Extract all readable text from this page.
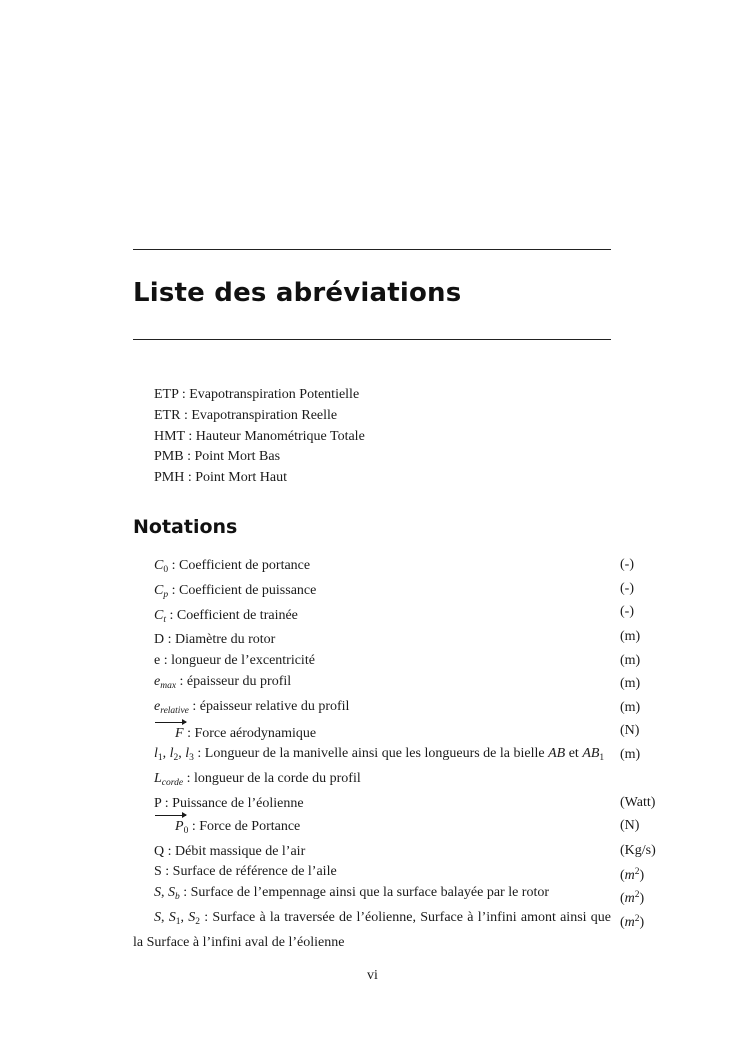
Liste des abréviations
ETP : Evapotranspiration Potentielle
ETR : Evapotranspiration Reelle
HMT : Hauteur Manométrique Totale
PMB : Point Mort Bas
PMH : Point Mort Haut
Notations
$C_0$ : Coefficient de portance
$C_p$ : Coefficient de puissance
$C_t$ : Coefficient de trainée
D : Diamètre du rotor
e : longueur de l’excentricité
$e_{max}$ : épaisseur du profil
$e_{relative}$ : épaisseur relative du profil
F : Force aérodynamique
$l_1$, $l_2$, $l_3$ : Longueur de la manivelle ainsi que les longueurs de la bielle AB et $AB_1$
$L_{corde}$ : longueur de la corde du profil
P : Puissance de l’éolienne
$P_0$ : Force de Portance
Q : Débit massique de l’air
S : Surface de référence de l’aile
S, $S_b$ : Surface de l’empennage ainsi que la surface balayée par le rotor
S, $S_1$, $S_2$ : Surface à la traversée de l’éolienne, Surface à l’infini amont ainsi que la Surface à l’infini aval de l’éolienne
(-)
(-)
(-)
(m)
(m)
(m)
(m)
(N)
(m)
(Watt)
(N)
(Kg/s)
$(m^2)$
$(m^2)$
$(m^2)$
vi
